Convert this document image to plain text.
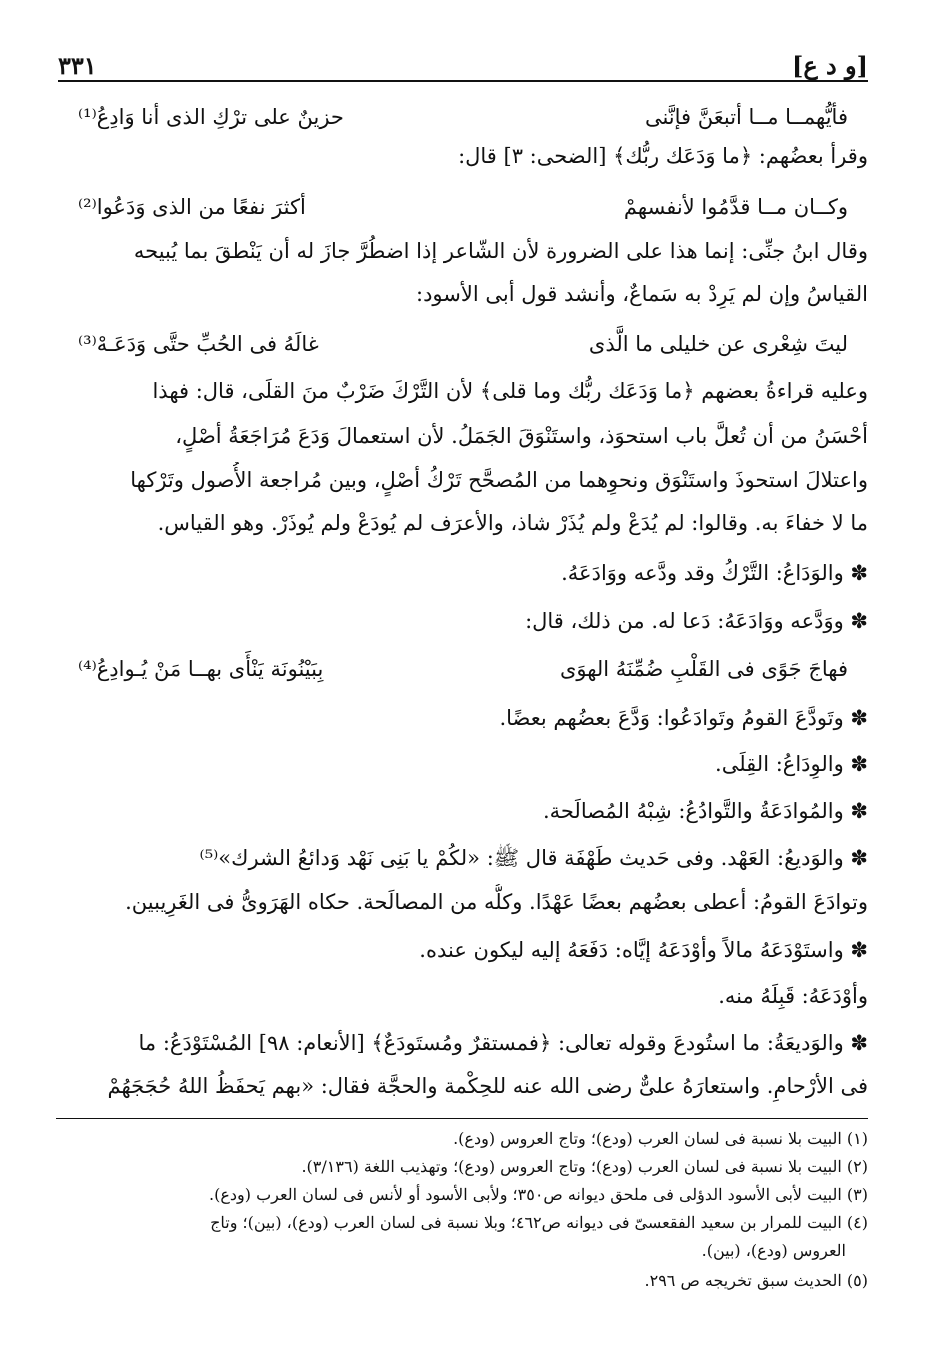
[و د ع]
٣٣١
فأيُّهمــا مــا أتبعَنَّ فإنَّنى
حزينٌ على ترْكِ الذى أنا وَادِعُ⁽¹⁾
وقرأ بعضُهم: ﴿ما وَدَعَك ربُّك﴾ [الضحى: ٣] قال:
وكــان مــا قدَّمُوا لأنفسهمْ
أكثرَ نفعًا من الذى وَدَعُوا⁽²⁾
وقال ابنُ جنِّى: إنما هذا على الضرورة لأن الشّاعر إذا اضطُرَّ جازَ له أن يَنْطقَ بما يُبيحه
القياسُ وإن لم يَرِدْ به سَماعٌ، وأنشد قول أبى الأسود:
ليتَ شِعْرى عن خليلى ما الَّذى
غالَهُ فى الحُبِّ حتَّى وَدَعَـهْ⁽³⁾
وعليه قراءةُ بعضهم ﴿ما وَدَعَك ربُّك وما قلى﴾ لأن التَّرْكَ ضَرْبٌ منَ القلَى، قال: فهذا
أحْسَنُ من أن تُعلَّ باب استحوَذ، واستَنْوَقَ الجَمَلُ. لأن استعمالَ وَدَعَ مُرَاجَعَةُ أصْلٍ،
واعتلالَ استحوذَ واستَنْوَق ونحوِهما من المُصحَّح تَرْكُ أصْلٍ، وبين مُراجعة الأُصول وتَرْكها
ما لا خفاءَ به. وقالوا: لم يُدَعْ ولم يُذَرْ شاذ، والأعرَف لم يُودَعْ ولم يُوذَرْ. وهو القياس.
✽ والوَدَاعُ: التَّرْكُ وقد ودَّعه ووَادَعَهُ.
✽ ووَدَّعه ووَادَعَهُ: دَعا له. من ذلك، قال:
فهاجَ جَوًى فى القَلْبِ ضُمِّنَهُ الهوَى
بِبَيْنُونَة يَنْأَى بهــا مَنْ يُـوادِعُ⁽⁴⁾
✽ وتَودَّعَ القومُ وتَوادَعُوا: وَدَّعَ بعضُهم بعضًا.
✽ والوِدَاعُ: القِلَى.
✽ والمُوادَعَةُ والتَّوادُعُ: شِبْهُ المُصالَحة.
✽ والوَديعُ: العَهْد. وفى حَديث طَهْفَة قال ﷺ: «لكُمْ يا بَنِى نَهْد وَدائعُ الشرك»⁽⁵⁾
وتوادَعَ القومُ: أعطى بعضُهم بعضًا عَهْدًا. وكلُّه من المصالَحة. حكاه الهَرَوىُّ فى الغَرِيبين.
✽ واستَوْدَعَهُ مالاً وأوْدَعَهُ إيَّاه: دَفَعَهُ إليه ليكون عنده.
وأوْدَعَهُ: قَبِلَهُ منه.
✽ والوَديعَةُ: ما استُودعَ وقوله تعالى: ﴿فمستقرٌ ومُستَودَعٌ﴾ [الأنعام: ٩٨] المُسْتَوْدَعُ: ما
فى الأرْحامِ. واستعارَهُ علىٌّ رضى الله عنه للحِكْمة والحجَّة فقال: «بهم يَحفَظُ اللهُ حُجَجَهُمْ
(١) البيت بلا نسبة فى لسان العرب (ودع)؛ وتاج العروس (ودع).
(٢) البيت بلا نسبة فى لسان العرب (ودع)؛ وتاج العروس (ودع)؛ وتهذيب اللغة (٣/١٣٦).
(٣) البيت لأبى الأسود الدؤلى فى ملحق ديوانه ص٣٥٠؛ ولأبى الأسود أو لأنس فى لسان العرب (ودع).
(٤) البيت للمرار بن سعيد الفقعسىّ فى ديوانه ص٤٦٢؛ وبلا نسبة فى لسان العرب (ودع)، (بين)؛ وتاج
العروس (ودع)، (بين).
(٥) الحديث سبق تخريجه ص ٢٩٦.
